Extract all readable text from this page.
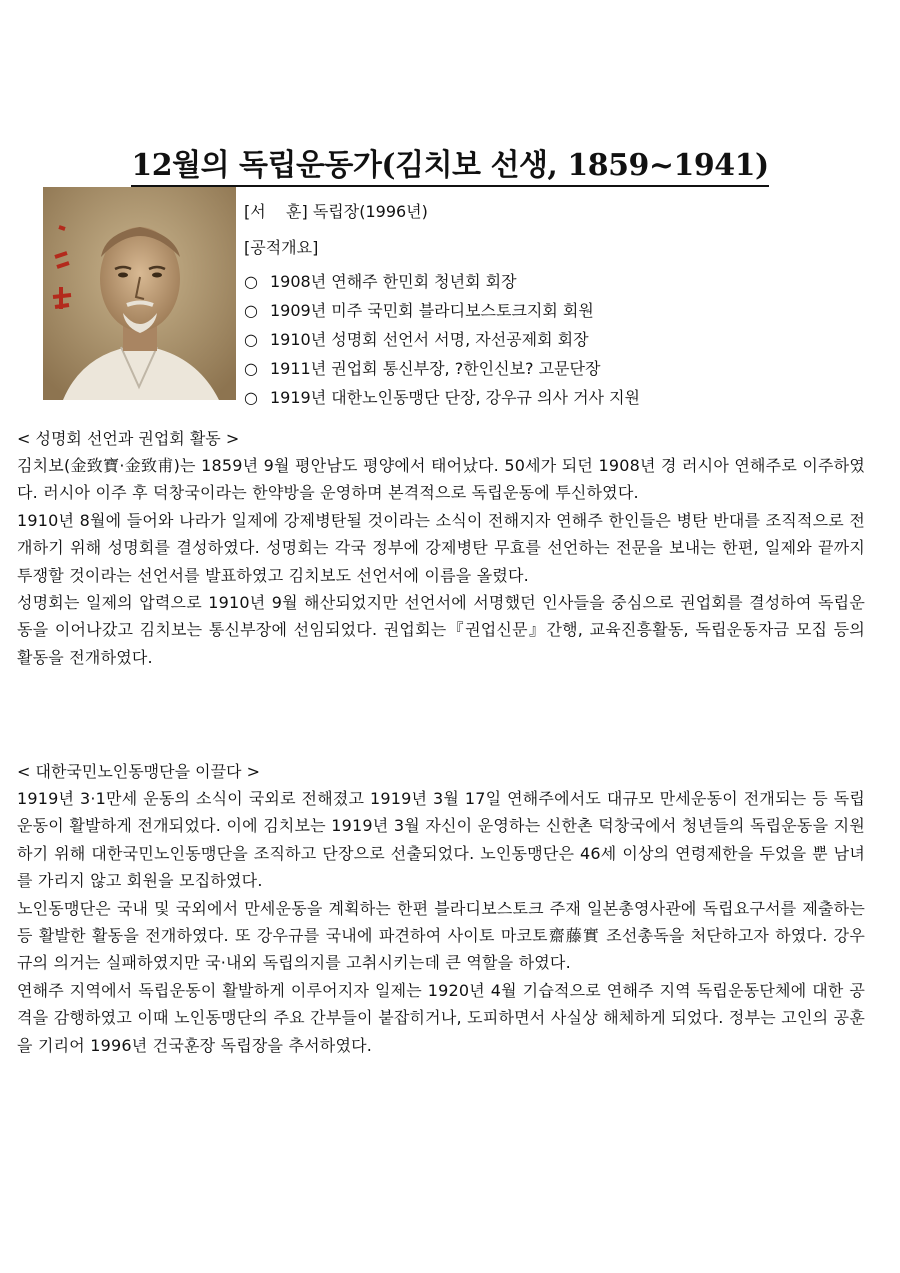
12월의 독립운동가(김치보 선생, 1859~1941)
[서    훈] 독립장(1996년)
[공적개요]
○ 1908년 연해주 한민회 청년회 회장
○ 1909년 미주 국민회 블라디보스토크지회 회원
○ 1910년 성명회 선언서 서명, 자선공제회 회장
○ 1911년 권업회 통신부장, ?한인신보? 고문단장
○ 1919년 대한노인동맹단 단장, 강우규 의사 거사 지원
< 성명회 선언과 권업회 활동 >

김치보(金致寶·金致甫)는 1859년 9월 평안남도 평양에서 태어났다. 50세가 되던 1908년 경 러시아 연해주로 이주하였다. 러시아 이주 후 덕창국이라는 한약방을 운영하며 본격적으로 독립운동에 투신하였다.

1910년 8월에 들어와 나라가 일제에 강제병탄될 것이라는 소식이 전해지자 연해주 한인들은 병탄 반대를 조직적으로 전개하기 위해 성명회를 결성하였다. 성명회는 각국 정부에 강제병탄 무효를 선언하는 전문을 보내는 한편, 일제와 끝까지 투쟁할 것이라는 선언서를 발표하였고 김치보도 선언서에 이름을 올렸다.

성명회는 일제의 압력으로 1910년 9월 해산되었지만 선언서에 서명했던 인사들을 중심으로 권업회를 결성하여 독립운동을 이어나갔고 김치보는 통신부장에 선임되었다. 권업회는『권업신문』간행, 교육진흥활동, 독립운동자금 모집 등의 활동을 전개하였다.

< 대한국민노인동맹단을 이끌다 >

1919년 3·1만세 운동의 소식이 국외로 전해졌고 1919년 3월 17일 연해주에서도 대규모 만세운동이 전개되는 등 독립운동이 활발하게 전개되었다. 이에 김치보는 1919년 3월 자신이 운영하는 신한촌 덕창국에서 청년들의 독립운동을 지원하기 위해 대한국민노인동맹단을 조직하고 단장으로 선출되었다. 노인동맹단은 46세 이상의 연령제한을 두었을 뿐 남녀를 가리지 않고 회원을 모집하였다.

노인동맹단은 국내 및 국외에서 만세운동을 계획하는 한편 블라디보스토크 주재 일본총영사관에 독립요구서를 제출하는 등 활발한 활동을 전개하였다. 또 강우규를 국내에 파견하여 사이토 마코토齋藤實 조선총독을 처단하고자 하였다. 강우규의 의거는 실패하였지만 국·내외 독립의지를 고취시키는데 큰 역할을 하였다.

연해주 지역에서 독립운동이 활발하게 이루어지자 일제는 1920년 4월 기습적으로 연해주 지역 독립운동단체에 대한 공격을 감행하였고 이때 노인동맹단의 주요 간부들이 붙잡히거나, 도피하면서 사실상 해체하게 되었다. 정부는 고인의 공훈을 기리어 1996년 건국훈장 독립장을 추서하였다.
